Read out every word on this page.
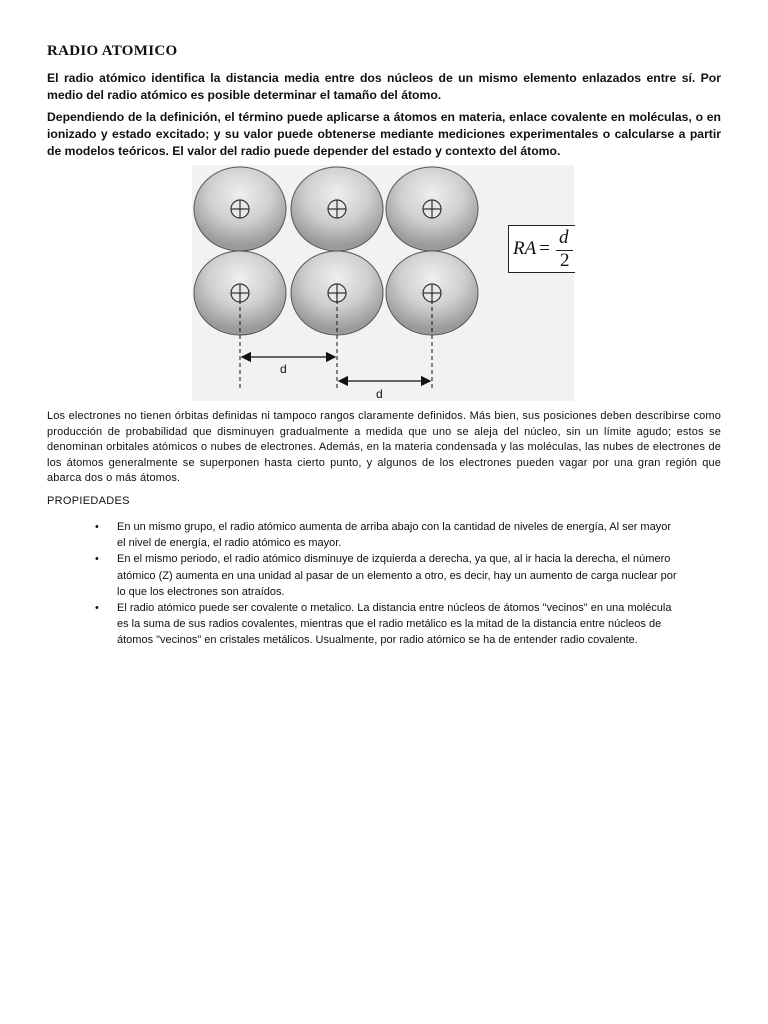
RADIO ATOMICO

El radio atómico identifica la distancia media entre dos núcleos de un mismo elemento enlazados entre sí. Por medio del radio atómico es posible determinar el tamaño del átomo.

Dependiendo de la definición, el término puede aplicarse a átomos en materia, enlace covalente en moléculas, o en ionizado y estado excitado; y su valor puede obtenerse mediante mediciones experimentales o calcularse a partir de modelos teóricos. El valor del radio puede depender del estado y contexto del átomo.

d
d
RA =
d
2

Los electrones no tienen órbitas definidas ni tampoco rangos claramente definidos. Más bien, sus posiciones deben describirse como producción de probabilidad que disminuyen gradualmente a medida que uno se aleja del núcleo, sin un límite agudo; estos se denominan orbitales atómicos o nubes de electrones. Además, en la materia condensada y las moléculas, las nubes de electrones de los átomos generalmente se superponen hasta cierto punto, y algunos de los electrones pueden vagar por una gran región que abarca dos o más átomos.

PROPIEDADES
• En un mismo grupo, el radio atómico aumenta de arriba abajo con la cantidad de niveles de energía, Al ser mayor el nivel de energía, el radio atómico es mayor.
• En el mismo periodo, el radio atómico disminuye de izquierda a derecha, ya que, al ir hacia la derecha, el número atómico (Z) aumenta en una unidad al pasar de un elemento a otro, es decir, hay un aumento de carga nuclear por lo que los electrones son atraídos.
• El radio atómico puede ser covalente o metalico. La distancia entre núcleos de átomos "vecinos" en una molécula es la suma de sus radios covalentes, mientras que el radio metálico es la mitad de la distancia entre núcleos de átomos "vecinos" en cristales metálicos. Usualmente, por radio atómico se ha de entender radio covalente.
